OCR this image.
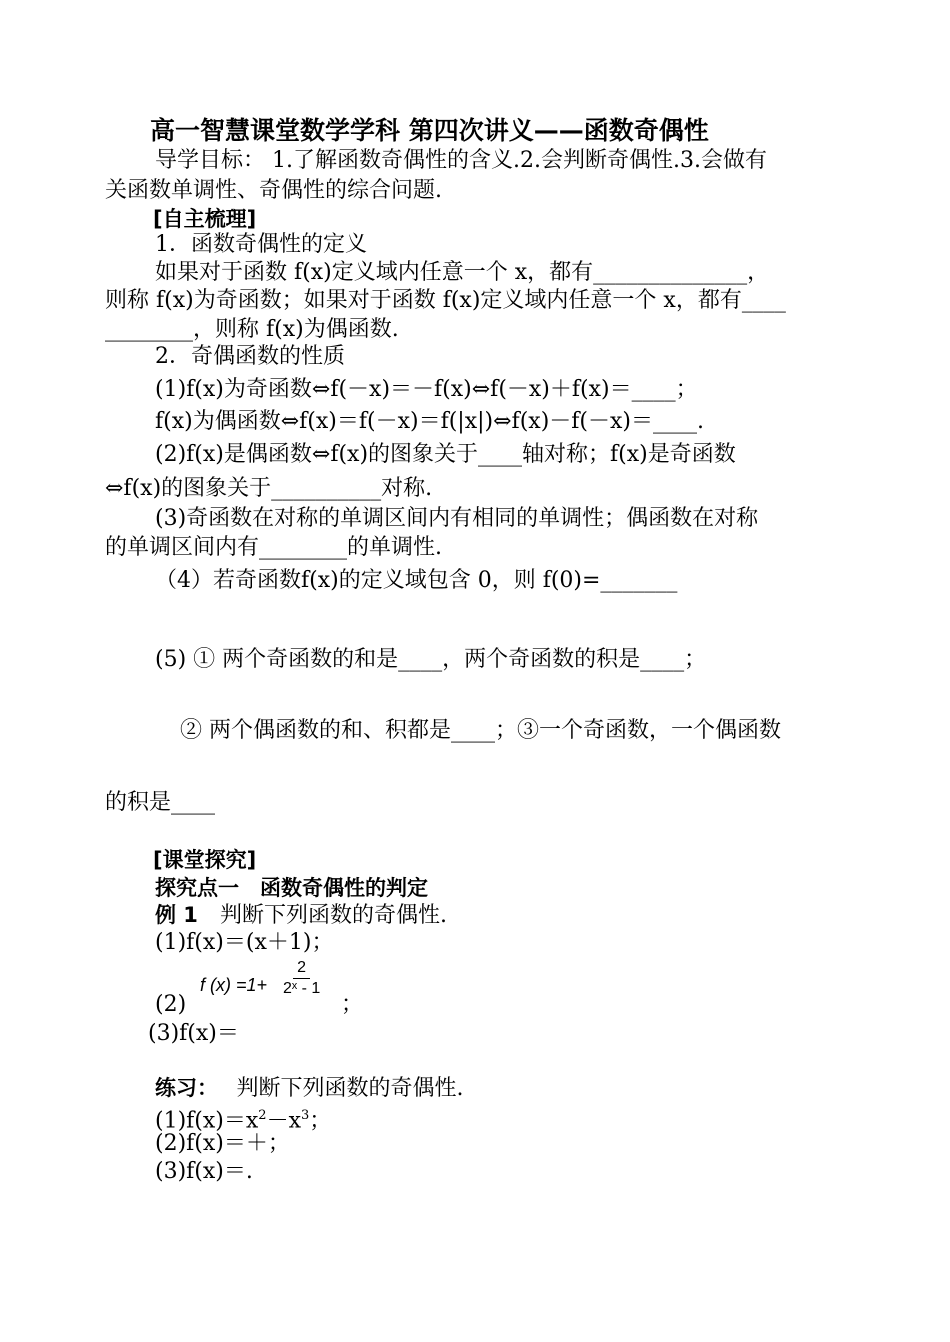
高一智慧课堂数学学科 第四次讲义——函数奇偶性
导学目标： 1.了解函数奇偶性的含义.2.会判断奇偶性.3.会做有
关函数单调性、奇偶性的综合问题.
[自主梳理]
1．函数奇偶性的定义
如果对于函数 f(x)定义域内任意一个 x，都有______________，
则称 f(x)为奇函数；如果对于函数 f(x)定义域内任意一个 x，都有____
________，则称 f(x)为偶函数.
2．奇偶函数的性质
(1)f(x)为奇函数⇔f(－x)＝－f(x)⇔f(－x)＋f(x)＝____；
f(x)为偶函数⇔f(x)＝f(－x)＝f(|x|)⇔f(x)－f(－x)＝____.
(2)f(x)是偶函数⇔f(x)的图象关于____轴对称；f(x)是奇函数
⇔f(x)的图象关于__________对称.
(3)奇函数在对称的单调区间内有相同的单调性；偶函数在对称
的单调区间内有________的单调性.
（4）若奇函数f(x)的定义域包含 0，则 f(0)=_______
(5) ① 两个奇函数的和是____，两个奇函数的积是____；
② 两个偶函数的和、积都是____；③一个奇函数，一个偶函数
的积是____
[课堂探究]
探究点一　函数奇偶性的判定
例 1　判断下列函数的奇偶性.
(1)f(x)＝(x＋1)；
(2)
f $(x) =1+ \frac{2}{\text{2ˣ - 1}}$
；
(3)f(x)＝
练习：　 判断下列函数的奇偶性.
$(1)f(x)=x^2-x^3$；
(2)f(x)＝＋；
(3)f(x)＝.
